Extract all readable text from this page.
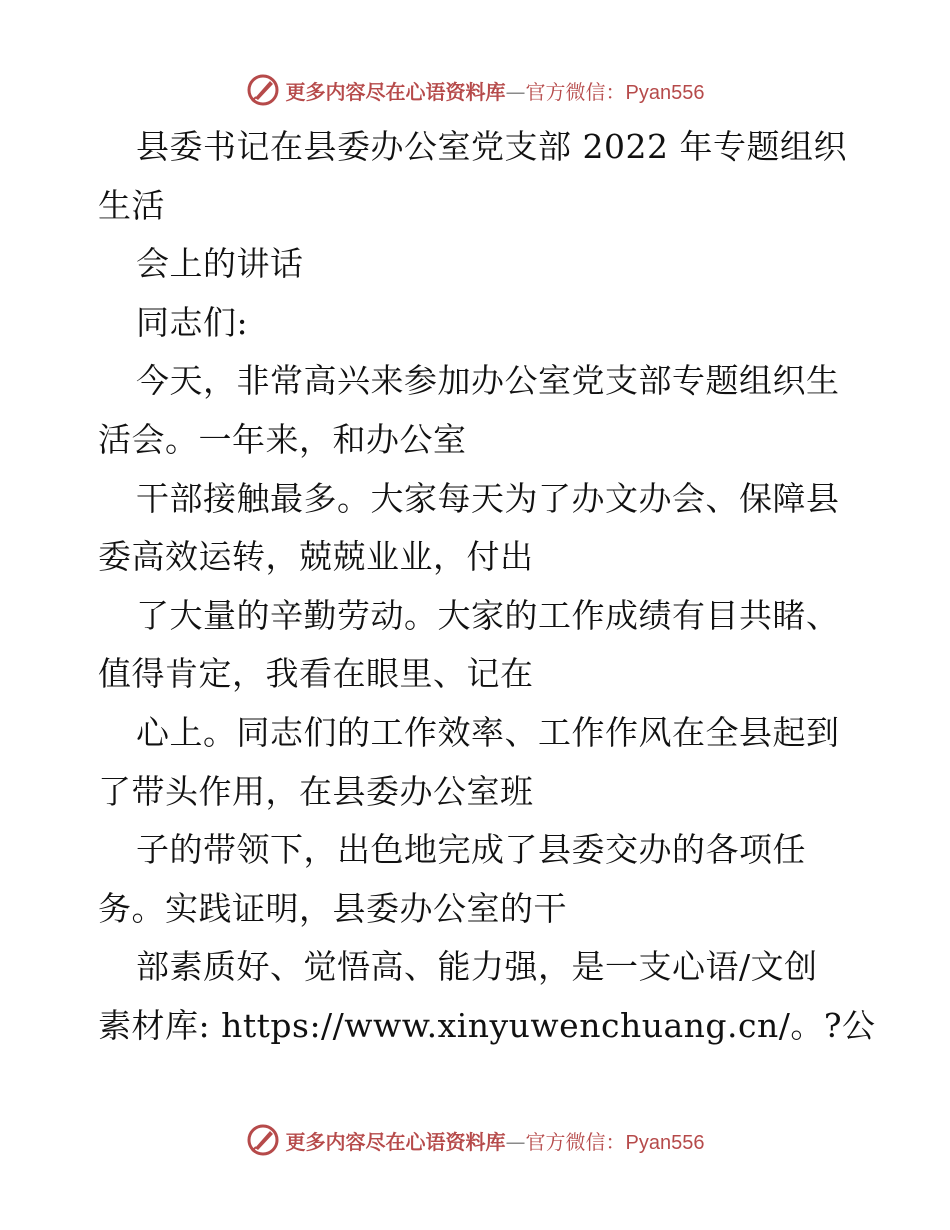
更多内容尽在心语资料库—官方微信：Pyan556
县委书记在县委办公室党支部 2022 年专题组织
生活
会上的讲话
同志们:
今天，非常高兴来参加办公室党支部专题组织生
活会。一年来，和办公室
干部接触最多。大家每天为了办文办会、保障县
委高效运转，兢兢业业，付出
了大量的辛勤劳动。大家的工作成绩有目共睹、
值得肯定，我看在眼里、记在
心上。同志们的工作效率、工作作风在全县起到
了带头作用，在县委办公室班
子的带领下，出色地完成了县委交办的各项任
务。实践证明，县委办公室的干
部素质好、觉悟高、能力强，是一支心语/文创
素材库: https://www.xinyuwenchuang.cn/。?公
更多内容尽在心语资料库—官方微信：Pyan556
